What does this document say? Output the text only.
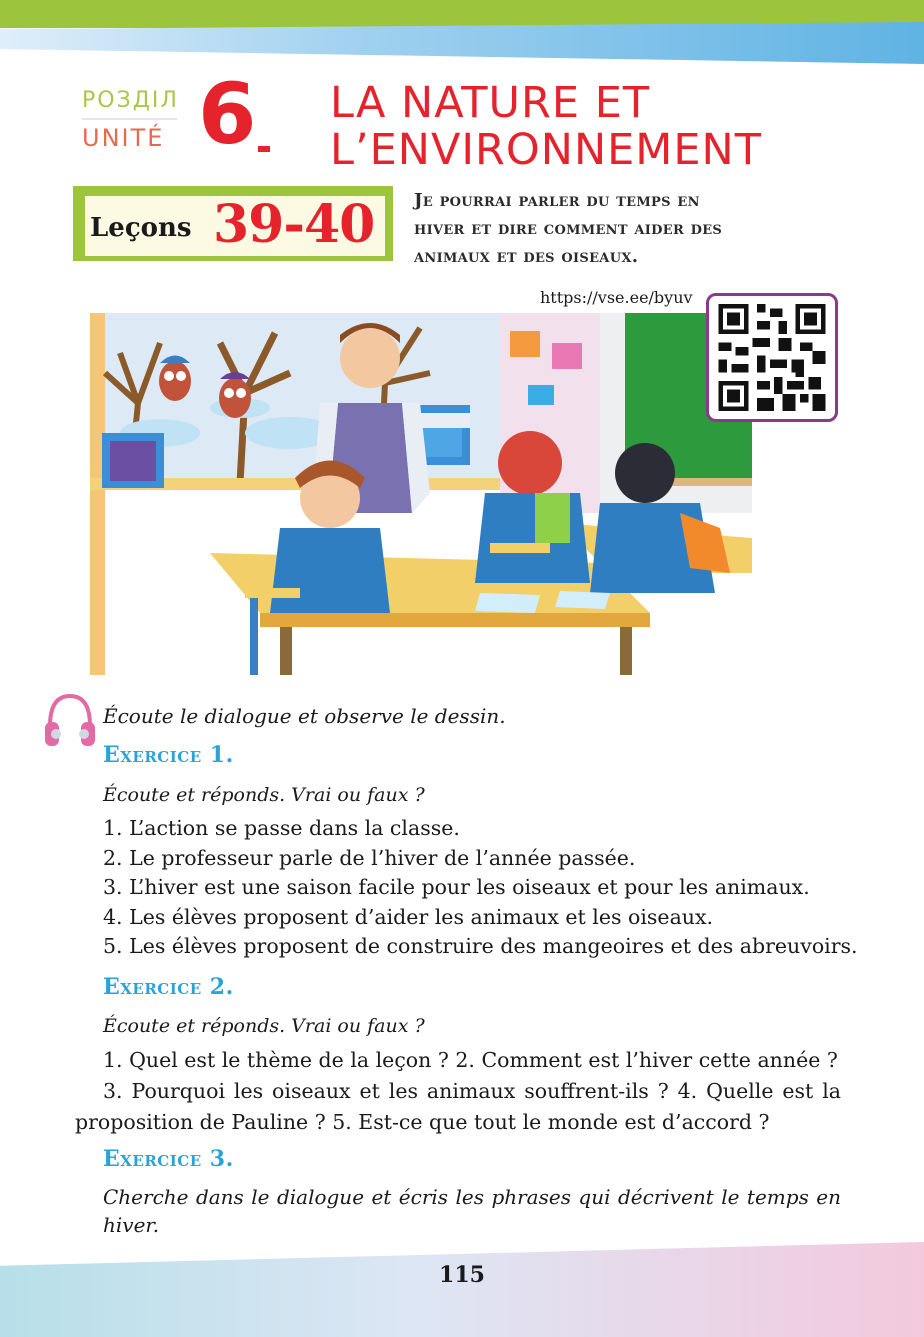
РОЗДІЛ
UNITÉ 6 LA NATURE ET
L’ENVIRONNEMENT
Leçons 39-40 Je pourrai parler du temps en
hiver et dire comment aider des
animaux et des oiseaux.
https://vse.ee/byuv
Écoute le dialogue et observe le dessin.
Exercice 1.
Écoute et réponds. Vrai ou faux ?
1. L’action se passe dans la classe.
2. Le professeur parle de l’hiver de l’année passée.
3. L’hiver est une saison facile pour les oiseaux et pour les animaux.
4. Les élèves proposent d’aider les animaux et les oiseaux.
5. Les élèves proposent de construire des mangeoires et des abreuvoirs.
Exercice 2.
Écoute et réponds. Vrai ou faux ?
1. Quel est le thème de la leçon ? 2. Comment est l’hiver cette année ?
3. Pourquoi les oiseaux et les animaux souffrent-ils ? 4. Quelle est la proposition de Pauline ? 5. Est-ce que tout le monde est d’accord ?
Exercice 3.
Cherche dans le dialogue et écris les phrases qui décrivent le temps en hiver.
115
